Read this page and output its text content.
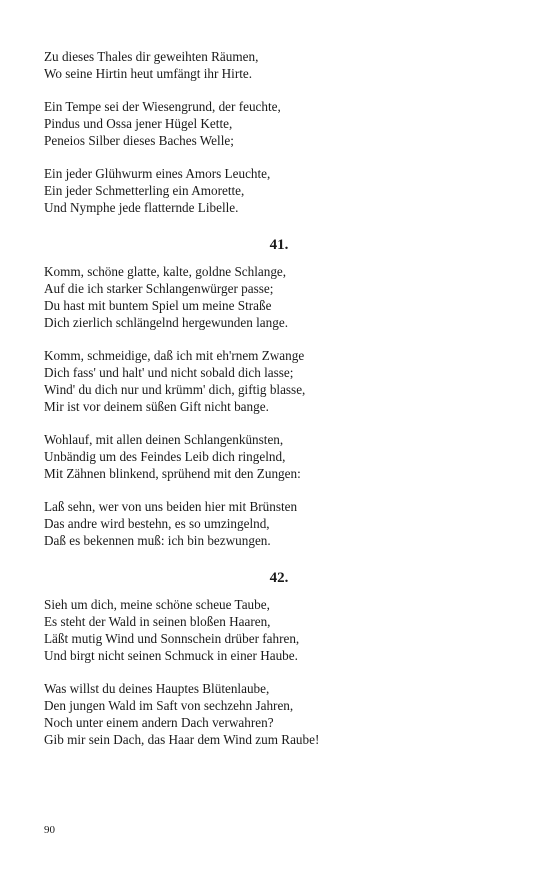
Zu dieses Thales dir geweihten Räumen,
Wo seine Hirtin heut umfängt ihr Hirte.
Ein Tempe sei der Wiesengrund, der feuchte,
Pindus und Ossa jener Hügel Kette,
Peneios Silber dieses Baches Welle;
Ein jeder Glühwurm eines Amors Leuchte,
Ein jeder Schmetterling ein Amorette,
Und Nymphe jede flatternde Libelle.
41.
Komm, schöne glatte, kalte, goldne Schlange,
Auf die ich starker Schlangenwürger passe;
Du hast mit buntem Spiel um meine Straße
Dich zierlich schlängelnd hergewunden lange.
Komm, schmeidige, daß ich mit eh'rnem Zwange
Dich fass' und halt' und nicht sobald dich lasse;
Wind' du dich nur und krümm' dich, giftig blasse,
Mir ist vor deinem süßen Gift nicht bange.
Wohlauf, mit allen deinen Schlangenkünsten,
Unbändig um des Feindes Leib dich ringelnd,
Mit Zähnen blinkend, sprühend mit den Zungen:
Laß sehn, wer von uns beiden hier mit Brünsten
Das andre wird bestehn, es so umzingelnd,
Daß es bekennen muß: ich bin bezwungen.
42.
Sieh um dich, meine schöne scheue Taube,
Es steht der Wald in seinen bloßen Haaren,
Läßt mutig Wind und Sonnschein drüber fahren,
Und birgt nicht seinen Schmuck in einer Haube.
Was willst du deines Hauptes Blütenlaube,
Den jungen Wald im Saft von sechzehn Jahren,
Noch unter einem andern Dach verwahren?
Gib mir sein Dach, das Haar dem Wind zum Raube!
90
